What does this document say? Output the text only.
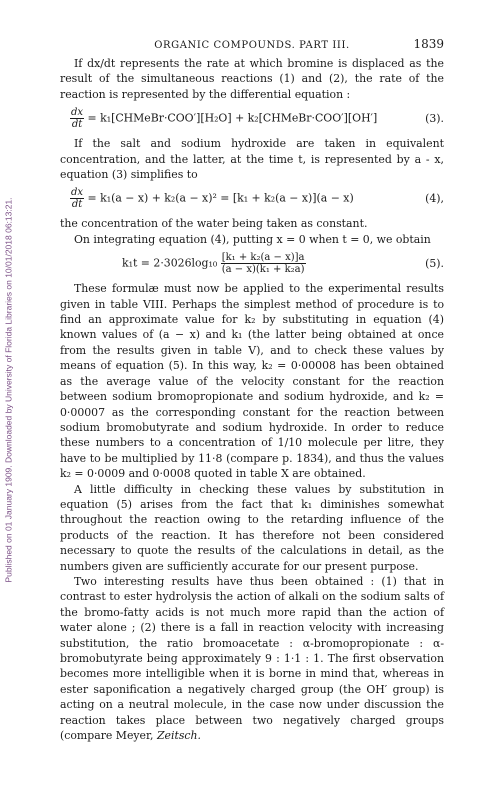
Published on 01 January 1909. Downloaded by University of Florida Libraries on 10/01/2018 06:13:21.
ORGANIC COMPOUNDS. PART III.	1839

If dx/dt represents the rate at which bromine is displaced as the result of the simultaneous reactions (1) and (2), the rate of the reaction is represented by the differential equation :

$\frac{dx}{dt}$ = k₁[CHMeBr·COO′][H₂O] + k₂[CHMeBr·COO′][OH′]	(3).

If the salt and sodium hydroxide are taken in equivalent concentration, and the latter, at the time t, is represented by a - x, equation (3) simplifies to

$\frac{dx}{dt} = k_1(a - x) + k_2(a - x)^2 = [k_1 + k_2(a - x)](a - x)$	(4),

the concentration of the water being taken as constant.

On integrating equation (4), putting x = 0 when t = 0, we obtain

$k_1t = 2\cdot 3026\log_{10} \frac{\text{[k₁ + k₂(a − x)]a}}{\text{(a − x)(k₁ + k₂a)}}$	(5).

These formulæ must now be applied to the experimental results given in table VIII. Perhaps the simplest method of procedure is to find an approximate value for k₂ by substituting in equation (4) known values of (a − x) and k₁ (the latter being obtained at once from the results given in table V), and to check these values by means of equation (5). In this way, k₂ = 0·00008 has been obtained as the average value of the velocity constant for the reaction between sodium bromopropionate and sodium hydroxide, and k₂ = 0·00007 as the corresponding constant for the reaction between sodium bromobutyrate and sodium hydroxide. In order to reduce these numbers to a concentration of 1/10 molecule per litre, they have to be multiplied by 11·8 (compare p. 1834), and thus the values k₂ = 0·0009 and 0·0008 quoted in table X are obtained.

A little difficulty in checking these values by substitution in equation (5) arises from the fact that k₁ diminishes somewhat throughout the reaction owing to the retarding influence of the products of the reaction. It has therefore not been considered necessary to quote the results of the calculations in detail, as the numbers given are sufficiently accurate for our present purpose.

Two interesting results have thus been obtained : (1) that in contrast to ester hydrolysis the action of alkali on the sodium salts of the bromo-fatty acids is not much more rapid than the action of water alone ; (2) there is a fall in reaction velocity with increasing substitution, the ratio bromoacetate : α-bromopropionate : α-bromobutyrate being approximately 9 : 1·1 : 1. The first observation becomes more intelligible when it is borne in mind that, whereas in ester saponification a negatively charged group (the OH′ group) is acting on a neutral molecule, in the case now under discussion the reaction takes place between two negatively charged groups (compare Meyer, Zeitsch.
